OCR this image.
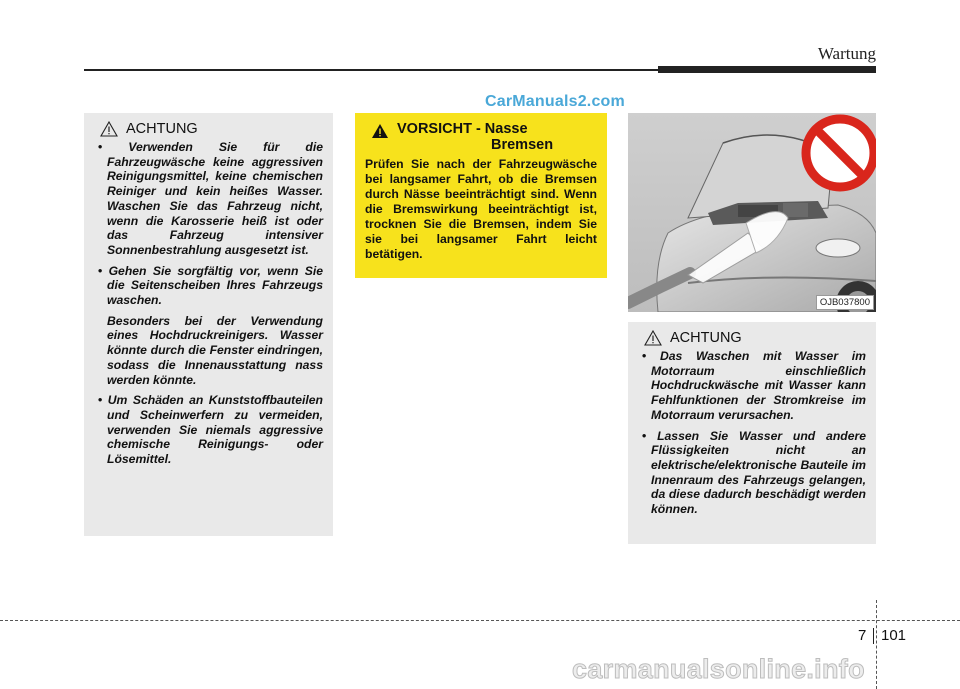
Wartung
CarManuals2.com
ACHTUNG
• Verwenden Sie für die Fahrzeugwäsche keine aggressiven Reinigungsmittel, keine chemischen Reiniger und kein heißes Wasser. Waschen Sie das Fahrzeug nicht, wenn die Karosserie heiß ist oder das Fahrzeug intensiver Sonnenbestrahlung ausgesetzt ist.
• Gehen Sie sorgfältig vor, wenn Sie die Seitenscheiben Ihres Fahrzeugs waschen.

Besonders bei der Verwendung eines Hochdruckreinigers. Wasser könnte durch die Fenster eindringen, sodass die Innenausstattung nass werden könnte.

• Um Schäden an Kunststoffbauteilen und Scheinwerfern zu vermeiden, verwenden Sie niemals aggressive chemische Reinigungs- oder Lösemittel.
VORSICHT - Nasse
Bremsen
Prüfen Sie nach der Fahrzeugwäsche bei langsamer Fahrt, ob die Bremsen durch Nässe beeinträchtigt sind. Wenn die Bremswirkung beeinträchtigt ist, trocknen Sie die Bremsen, indem Sie sie bei langsamer Fahrt leicht betätigen.
OJB037800
ACHTUNG
• Das Waschen mit Wasser im Motorraum einschließlich Hochdruckwäsche mit Wasser kann Fehlfunktionen der Stromkreise im Motorraum verursachen.
• Lassen Sie Wasser und andere Flüssigkeiten nicht an elektrische/elektronische Bauteile im Innenraum des Fahrzeugs gelangen, da diese dadurch beschädigt werden können.
7 101
carmanualsonline.info
